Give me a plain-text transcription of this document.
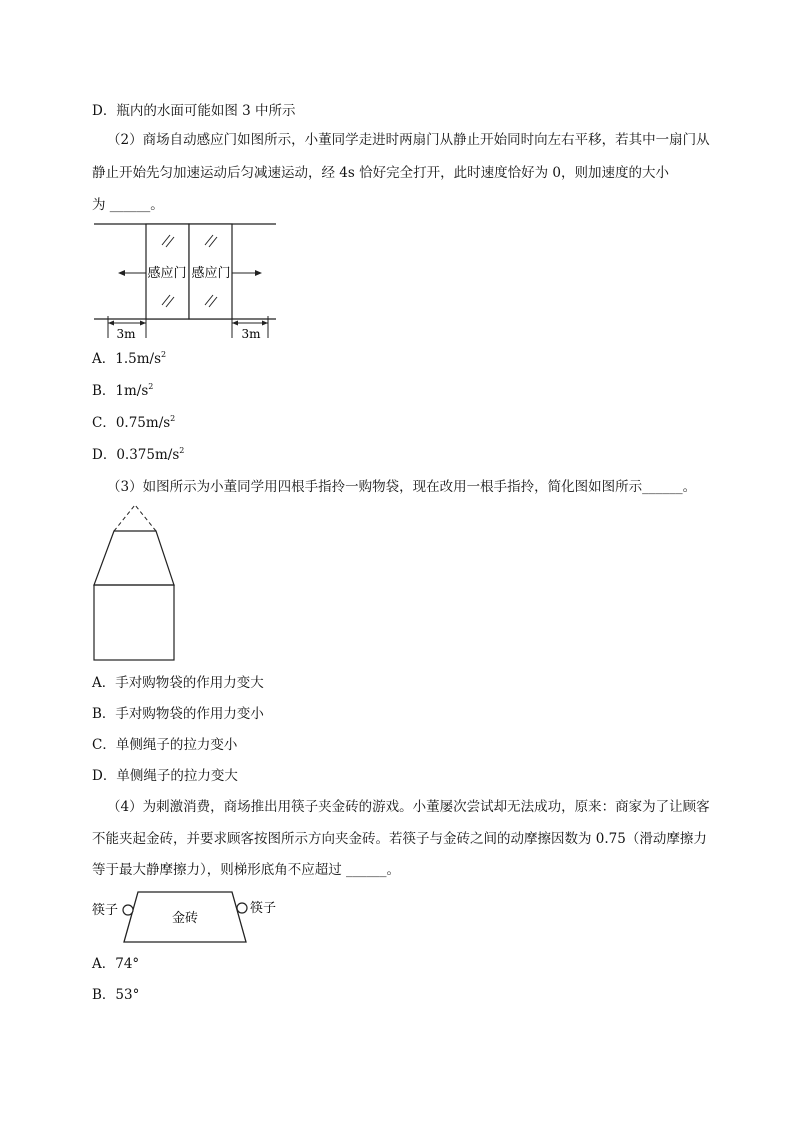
D．瓶内的水面可能如图 3 中所示
（2）商场自动感应门如图所示，小董同学走进时两扇门从静止开始同时向左右平移，若其中一扇门从
静止开始先匀加速运动后匀减速运动，经 4s 恰好完全打开，此时速度恰好为 0，则加速度的大小
为 ______。
感应门 感应门
3m	3m
A．$1.5m/s^2$
B．$1m/s^2$
C．$0.75m/s^2$
D．$0.375m/s^2$
（3）如图所示为小董同学用四根手指拎一购物袋，现在改用一根手指拎，简化图如图所示______。
A．手对购物袋的作用力变大
B．手对购物袋的作用力变小
C．单侧绳子的拉力变小
D．单侧绳子的拉力变大
（4）为刺激消费，商场推出用筷子夹金砖的游戏。小董屡次尝试却无法成功，原来：商家为了让顾客
不能夹起金砖，并要求顾客按图所示方向夹金砖。若筷子与金砖之间的动摩擦因数为 0.75（滑动摩擦力
等于最大静摩擦力），则梯形底角不应超过 ______。
筷子
金砖
筷子
A．74°
B．53°
